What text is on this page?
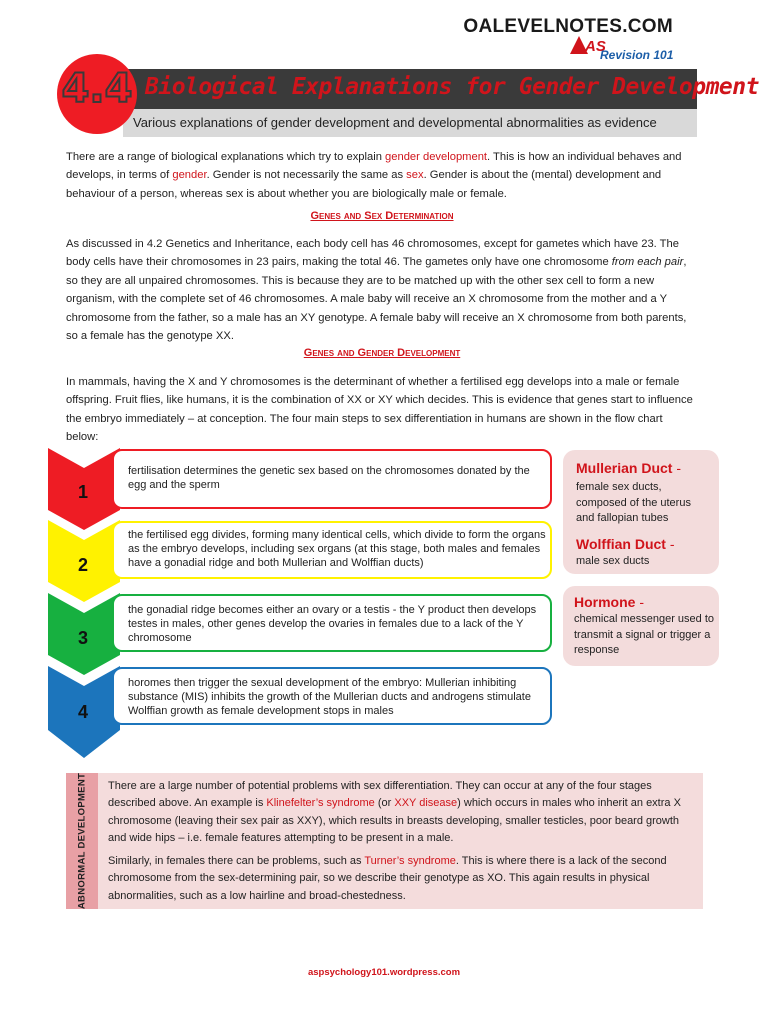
OALEVELNOTES.COM
AS
Revision 101
Biological Explanations for Gender Development
Various explanations of gender development and developmental abnormalities as evidence
4.4
There are a range of biological explanations which try to explain gender development. This is how an individual behaves and develops, in terms of gender. Gender is not necessarily the same as sex. Gender is about the (mental) development and behaviour of a person, whereas sex is about whether you are biologically male or female.
Genes and Sex Determination
As discussed in 4.2 Genetics and Inheritance, each body cell has 46 chromosomes, except for gametes which have 23. The body cells have their chromosomes in 23 pairs, making the total 46. The gametes only have one chromosome from each pair, so they are all unpaired chromosomes. This is because they are to be matched up with the other sex cell to form a new organism, with the complete set of 46 chromosomes. A male baby will receive an X chromosome from the mother and a Y chromosome from the father, so a male has an XY genotype. A female baby will receive an X chromosome from both parents, so a female has the genotype XX.
Genes and Gender Development
In mammals, having the X and Y chromosomes is the determinant of whether a fertilised egg develops into a male or female offspring. Fruit flies, like humans, it is the combination of XX or XY which decides. This is evidence that genes start to influence the embryo immediately – at conception. The four main steps to sex differentiation in humans are shown in the flow chart below:
1
2
3
4
fertilisation determines the genetic sex based on the chromosomes donated by the egg and the sperm
the fertilised egg divides, forming many identical cells, which divide to form the organs as the embryo develops, including sex organs (at this stage, both males and females have a gonadial ridge and both Mullerian and Wolffian ducts)
the gonadial ridge becomes either an ovary or a testis - the Y product then develops testes in males, other genes develop the ovaries in females due to a lack of the Y chromosome
horomes then trigger the sexual development of the embryo: Mullerian inhibiting substance (MIS) inhibits the growth of the Mullerian ducts and androgens stimulate Wolffian growth as female development stops in males
Mullerian Duct -
female sex ducts, composed of the uterus and fallopian tubes
Wolffian Duct -
male sex ducts
Hormone -
chemical messenger used to transmit a signal or trigger a response
ABNORMAL DEVELOPMENT There are a large number of potential problems with sex differentiation. They can occur at any of the four stages described above. An example is Klinefelter’s syndrome (or XXY disease) which occurs in males who inherit an extra X chromosome (leaving their sex pair as XXY), which results in breasts developing, smaller testicles, poor beard growth and wide hips – i.e. female features attempting to be present in a male.
Similarly, in females there can be problems, such as Turner’s syndrome. This is where there is a lack of the second chromosome from the sex-determining pair, so we describe their genotype as XO. This again results in physical abnormalities, such as a low hairline and broad-chestedness.
aspsychology101.wordpress.com
